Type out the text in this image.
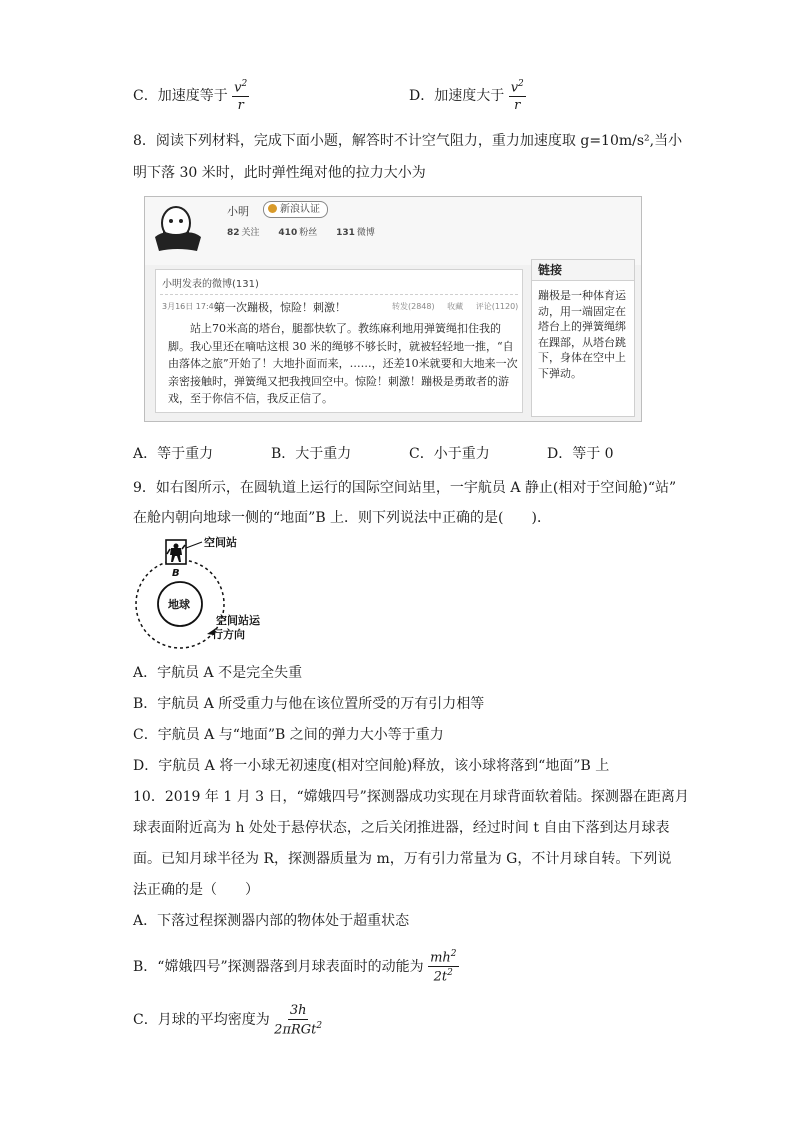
C．加速度等于 $\frac{v^2}{r}$	D．加速度大于 $\frac{v^2}{r}$
8．阅读下列材料，完成下面小题，解答时不计空气阻力，重力加速度取 g=10m/s²,当小
明下落 30 米时，此时弹性绳对他的拉力大小为
小明	新浪认证
82 关注 410 粉丝 131 微博
小明发表的微博(131)
3月16日 17:46
第一次蹦极，惊险！刺激！	转发(2848) 收藏 评论(1120)
站上70米高的塔台，腿都快软了。教练麻利地用弹簧绳扣住我的脚。我心里还在嘀咕这根 30 米的绳够不够长时，就被轻轻地一推，“自由落体之旅”开始了！大地扑面而来，……，还差10米就要和大地来一次亲密接触时，弹簧绳又把我拽回空中。惊险！刺激！蹦极是勇敢者的游戏，至于你信不信，我反正信了。
链接
蹦极是一种体育运动，用一端固定在塔台上的弹簧绳绑在踝部，从塔台跳下，身体在空中上下弹动。
A．等于重力	B．大于重力	C．小于重力	D．等于 0
9．如右图所示，在圆轨道上运行的国际空间站里，一宇航员 A 静止(相对于空间舱)“站”
在舱内朝向地球一侧的“地面”B 上．则下列说法中正确的是(　　)．
空间站
B
地球
空间站运
行方向
A．宇航员 A 不是完全失重
B．宇航员 A 所受重力与他在该位置所受的万有引力相等
C．宇航员 A 与“地面”B 之间的弹力大小等于重力
D．宇航员 A 将一小球无初速度(相对空间舱)释放，该小球将落到“地面”B 上
10．2019 年 1 月 3 日，“嫦娥四号”探测器成功实现在月球背面软着陆。探测器在距离月
球表面附近高为 h 处处于悬停状态，之后关闭推进器，经过时间 t 自由下落到达月球表
面。已知月球半径为 R，探测器质量为 m，万有引力常量为 G，不计月球自转。下列说
法正确的是（　　）
A．下落过程探测器内部的物体处于超重状态
B．“嫦娥四号”探测器落到月球表面时的动能为 $\frac{mh^2}{2t^2}$
C．月球的平均密度为 $\frac{3h}{2\pi RGt^2}$
